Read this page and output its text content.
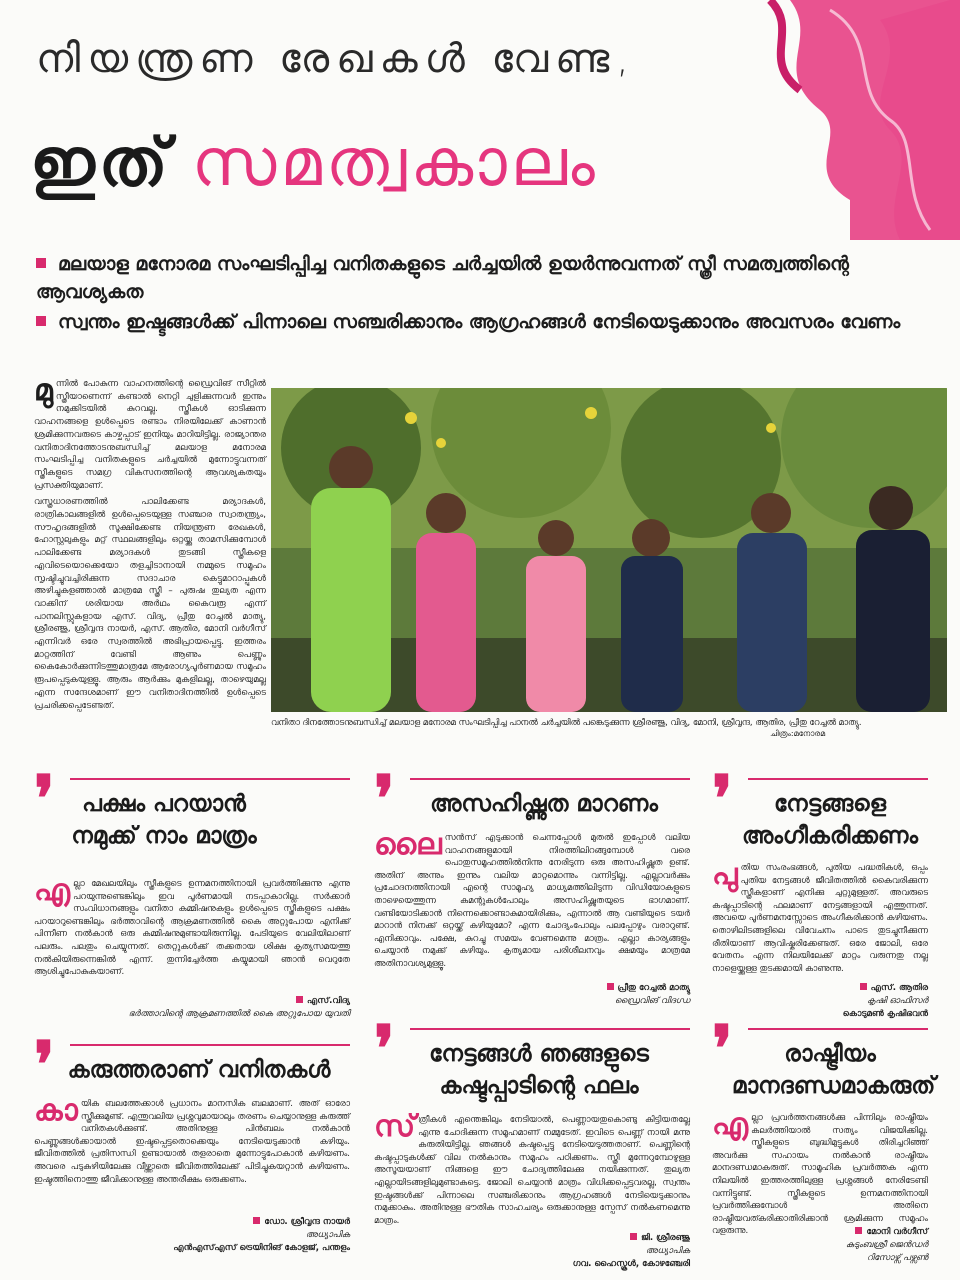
നിയന്ത്രണ രേഖകൾ വേണ്ട,
ഇത് സമത്വകാലം
മലയാള മനോരമ സംഘടിപ്പിച്ച വനിതകളുടെ ചർച്ചയിൽ ഉയർന്നുവന്നത് സ്ത്രീ സമത്വത്തിന്റെ ആവശ്യകത
സ്വന്തം ഇഷ്ടങ്ങൾക്ക് പിന്നാലെ സഞ്ചരിക്കാനും ആഗ്രഹങ്ങൾ നേടിയെടുക്കാനും അവസരം വേണം

മുന്നിൽ പോകുന്ന വാഹനത്തിന്റെ ഡ്രൈവിങ് സീറ്റിൽ സ്ത്രീയാണെന്ന് കണ്ടാൽ നെറ്റി ചുളിക്കുന്നവർ ഇന്നും നമുക്കിടയിൽ കുറവല്ല. സ്ത്രീകൾ ഓടിക്കുന്ന വാഹനങ്ങളെ ഉൾപ്പെടെ രണ്ടാം നിരയിലേക്ക് കാണാൻ ശ്രമിക്കുന്നവരുടെ കാഴ്ചപ്പാട് ഇനിയും മാറിയിട്ടില്ല. രാജ്യാന്തര വനിതാദിനത്തോടനുബന്ധിച്ച് മലയാള മനോരമ സംഘടിപ്പിച്ച വനിതകളുടെ ചർച്ചയിൽ മുന്നോട്ടുവന്നത് സ്ത്രീകളുടെ സമഗ്ര വികസനത്തിന്റെ ആവശ്യകതയും പ്രസക്തിയുമാണ്.

വസ്ത്രധാരണത്തിൽ പാലിക്കേണ്ട മര്യാദകൾ, രാത്രികാലങ്ങളിൽ ഉൾപ്പെടെയുള്ള സഞ്ചാര സ്വാതന്ത്ര്യം, സൗഹൃദങ്ങളിൽ സൂക്ഷിക്കേണ്ട നിയന്ത്രണ രേഖകൾ, ഹോസ്റ്റലുകളും മറ്റ് സ്ഥലങ്ങളിലും ഒറ്റയ്ക്കു താമസിക്കുമ്പോൾ പാലിക്കേണ്ട മര്യാദകൾ തുടങ്ങി സ്ത്രീകളെ എവിടെയൊക്കെയോ തളച്ചിടാനായി നമ്മുടെ സമൂഹം സൃഷ്ടിച്ചുവച്ചിരിക്കുന്ന സദാചാര കെട്ടുമാറാപ്പുകൾ അഴിച്ചുകളഞ്ഞാൽ മാത്രമേ സ്ത്രീ – പുരുഷ തുല്യത എന്ന വാക്കിന് ശരിയായ അർഥം കൈവരൂ എന്ന് പാനലിസ്റ്റുകളായ എസ്. വിദ്യ, പ്രീതു റേച്ചൽ മാത്യു, ശ്രീരഞ്ജു, ശ്രീവൃന്ദ നായർ, എസ്. ആതിര, മോനി വർഗീസ് എന്നിവർ ഒരേ സ്വരത്തിൽ അഭിപ്രായപ്പെട്ടു. ഇത്തരം മാറ്റത്തിന് വേണ്ടി ആണും പെണ്ണും കൈകോർക്കുന്നിടത്തുമാത്രമേ ആരോഗ്യപൂർണമായ സമൂഹം രൂപപ്പെടുകയുള്ളൂ. ആരും ആർക്കും മുകളിലല്ല, താഴെയുമല്ല എന്ന സന്ദേശമാണ് ഈ വനിതാദിനത്തിൽ ഉൾപ്പെടെ പ്രചരിക്കപ്പെടേണ്ടത്.

വനിതാ ദിനത്തോടനുബന്ധിച്ച് മലയാള മനോരമ സംഘടിപ്പിച്ച പാനൽ ചർച്ചയിൽ പങ്കെടുക്കുന്ന ശ്രീരഞ്ജു, വിദ്യ, മോനി, ശ്രീവൃന്ദ, ആതിര, പ്രീതു റേച്ചൽ മാത്യു.
ചിത്രം:മനോരമ
❜	പക്ഷം പറയാൻ
നമുക്ക് നാം മാത്രം
എല്ലാ മേഖലയിലും സ്ത്രീകളുടെ ഉന്നമനത്തിനായി പ്രവർത്തിക്കുന്നു എന്നു പറയുന്നുണ്ടെങ്കിലും ഇവ പൂർണമായി നടപ്പാകാറില്ല. സർക്കാർ സംവിധാനങ്ങളും വനിതാ കമ്മിഷനുകളും ഉൾപ്പെടെ സ്ത്രീകളുടെ പക്ഷം പറയാറുണ്ടെങ്കിലും ഭർത്താവിന്റെ ആക്രമണത്തിൽ കൈ അറ്റുപോയ എനിക്ക് പിന്നീണ നൽകാൻ ഒരു കമ്മിഷനുമുണ്ടായിരുന്നില്ല. പേടിയുടെ വേലിയിലാണ് പലരും. പലതും ചെയ്യുന്നത്. തെറ്റുകൾക്ക് തക്കതായ ശിക്ഷ കൃത്യസമയത്തു നൽകിയിരുന്നെങ്കിൽ എന്ന്. തുന്നിച്ചേർത്ത കയ്യുമായി ഞാൻ വെറുതേ ആശിച്ചുപോകുകയാണ്.
എസ്.വിദ്യ
ഭർത്താവിന്റെ ആക്രമണത്തിൽ കൈ അറ്റുപോയ യുവതി
❜	അസഹിഷ്ണുത മാറണം
ലൈസൻസ് എടുക്കാൻ ചെന്നപ്പോൾ മുതൽ ഇപ്പോൾ വലിയ വാഹനങ്ങളുമായി നിരത്തിലിറങ്ങുമ്പോൾ വരെ പൊതുസമൂഹത്തിൽനിന്നു നേരിടുന്ന ഒരു അസഹിഷ്ണുത ഉണ്ട്. അതിന് അന്നും ഇന്നും വലിയ മാറ്റമൊന്നും വന്നിട്ടില്ല. എല്ലാവർക്കും പ്രചോദനത്തിനായി എന്റെ സാമൂഹ്യ മാധ്യമത്തിലിടുന്ന വിഡിയോകളുടെ താഴെയെത്തുന്ന കമന്റുകൾപോലും അസഹിഷ്ണുതയുടെ ഭാഗമാണ്. വണ്ടിയോടിക്കാൻ നിന്നെക്കൊണ്ടാകുമായിരിക്കും, എന്നാൽ ആ വണ്ടിയുടെ ടയർ മാറാൻ നിനക്ക് ഒറ്റയ്ക്ക് കഴിയുമോ? എന്ന ചോദ്യംപോലും പലപ്പോഴും വരാറുണ്ട്. എനിക്കാവും. പക്ഷേ, കുറച്ചു സമയം വേണമെന്നു മാത്രം. എല്ലാ കാര്യങ്ങളും ചെയ്യാൻ നമുക്ക് കഴിയും. കൃത്യമായ പരിശീലനവും ക്ഷമയും മാത്രമേ അതിനാവശ്യമുള്ളൂ.
പ്രീതു റേച്ചൽ മാത്യു
ഡ്രൈവിങ് വിദഗ്ധ
❜	നേട്ടങ്ങളെ
അംഗീകരിക്കണം
പുതിയ സംരംഭങ്ങൾ, പുതിയ പദ്ധതികൾ, ഒപ്പം പുതിയ നേട്ടങ്ങൾ ജീവിതത്തിൽ കൈവരിക്കുന്ന സ്ത്രീകളാണ് എനിക്കു ചുറ്റുമുള്ളത്. അവരുടെ കഷ്ടപ്പാടിന്റെ ഫലമാണ് നേട്ടങ്ങളായി എത്തുന്നത്. അവയെ പൂർണമനസ്സോടെ അംഗീകരിക്കാൻ കഴിയണം. തൊഴിലിടങ്ങളിലെ വിവേചനം പാടെ തുടച്ചുനീക്കുന്ന രീതിയാണ് ആവിഷ്കരിക്കേണ്ടത്. ഒരേ ജോലി, ഒരേ വേതനം എന്ന നിലയിലേക്ക് മാറ്റം വരുന്നതു നല്ല നാളെയ്ക്കുള്ള തുടക്കമായി കാണുന്നു.
എസ്. ആതിര
കൃഷി ഓഫിസർ
കൊടുമൺ കൃഷിഭവൻ
❜ കരുത്തരാണ് വനിതകൾ
കായിക ബലത്തേക്കാൾ പ്രധാനം മാനസിക ബലമാണ്. അത് ഓരോ സ്ത്രീക്കുമുണ്ട്. എന്തുവലിയ പ്രശ്നവുമായാലും തരണം ചെയ്യാനുള്ള കരുത്ത് വനിതകൾക്കുണ്ട്. അതിനുള്ള പിൻബലം നൽകാൻ പെണ്ണുങ്ങൾക്കായാൽ ഇഷ്ടപ്പെട്ടതൊക്കെയും നേടിയെടുക്കാൻ കഴിയും. ജീവിതത്തിൽ പ്രതിസന്ധി ഉണ്ടായാൽ തളരാതെ മുന്നോട്ടുപോകാൻ കഴിയണം. അവരെ പടുകുഴിയിലേക്കു വീഴ്ത്താതെ ജീവിതത്തിലേക്ക് പിടിച്ചുകയറ്റാൻ കഴിയണം. ഇഷ്ടത്തിനൊത്തു ജീവിക്കാനുള്ള അന്തരീക്ഷം ഒരുക്കണം.
ഡോ. ശ്രീവൃന്ദ നായർ
അധ്യാപിക
എൻഎസ്എസ് ട്രെയിനിങ് കോളജ്, പന്തളം
❜	നേട്ടങ്ങൾ ഞങ്ങളുടെ
കഷ്ടപ്പാടിന്റെ ഫലം
സ്ത്രീകൾ എന്തെങ്കിലും നേടിയാൽ, പെണ്ണായതുകൊണ്ടു കിട്ടിയതല്ലേ എന്നു ചോദിക്കുന്ന സമൂഹമാണ് നമ്മുടേത്. ഇവിടെ പെണ്ണ് നായി മന്നു കരുതിയിട്ടില്ല. ഞങ്ങൾ കഷ്ടപ്പെട്ടു നേടിയെടുത്തതാണ്. പെണ്ണിന്റെ കഷ്ടപ്പാടുകൾക്ക് വില നൽകാനും സമൂഹം പഠിക്കണം. സ്ത്രീ മുന്നേറുമ്പോഴുള്ള അസൂയയാണ് നിങ്ങളെ ഈ ചോദ്യത്തിലേക്കു നയിക്കുന്നത്. തുല്യത എല്ലായിടങ്ങളിലുമുണ്ടാകട്ടെ. ജോലി ചെയ്യാൻ മാത്രം വിധിക്കപ്പെട്ടവരല്ല, സ്വന്തം ഇഷ്ടങ്ങൾക്ക് പിന്നാലെ സഞ്ചരിക്കാനും ആഗ്രഹങ്ങൾ നേടിയെടുക്കാനും നമുക്കാകും. അതിനുള്ള ഭൗതിക സാഹചര്യം ഒരുക്കാനുള്ള സ്പേസ് നൽകണമെന്നു മാത്രം.
ജി. ശ്രീരഞ്ജു
അധ്യാപിക
ഗവ. ഹൈസ്കൂൾ, കോഴഞ്ചേരി
❜	രാഷ്ട്രീയം
മാനദണ്ഡമാകരുത്
എല്ലാ പ്രവർത്തനങ്ങൾക്കു പിന്നിലും രാഷ്ട്രീയം കലർത്തിയാൽ സത്യം വിജയിക്കില്ല. സ്ത്രീകളുടെ ബുദ്ധിമുട്ടുകൾ തിരിച്ചറിഞ്ഞ് അവർക്കു സഹായം നൽകാൻ രാഷ്ട്രീയം മാനദണ്ഡമാകരുത്. സാമൂഹിക പ്രവർത്തക എന്ന നിലയിൽ ഇത്തരത്തിലുള്ള പ്രശ്നങ്ങൾ നേരിടേണ്ടി വന്നിട്ടുണ്ട്. സ്ത്രീകളുടെ ഉന്നമനത്തിനായി പ്രവർത്തിക്കുമ്പോൾ അതിനെ രാഷ്ട്രീയവത്കരിക്കാതിരിക്കാൻ ശ്രമിക്കുന്ന സമൂഹം വളരുന്നു.	മോനി വർഗീസ്
കുടുംബശ്രീ ജെൻഡർ
റിസോഴ്സ് പഴ്സൺ
